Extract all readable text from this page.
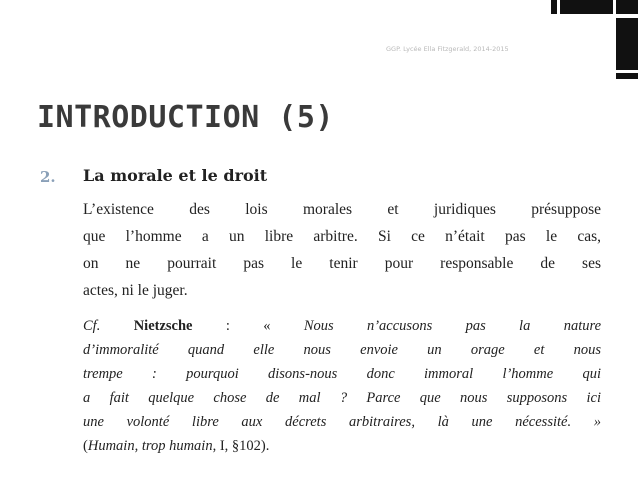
GGP. Lycée Ella Fitzgerald, 2014-2015
INTRODUCTION (5)
2. La morale et le droit
L’existence des lois morales et juridiques présuppose
que l’homme a un libre arbitre. Si ce n’était pas le cas,
on ne pourrait pas le tenir pour responsable de ses
actes, ni le juger.
Cf. Nietzsche : « Nous n’accusons pas la nature
d’immoralité quand elle nous envoie un orage et nous
trempe : pourquoi disons-nous donc immoral l’homme qui
a fait quelque chose de mal ? Parce que nous supposons ici
une volonté libre aux décrets arbitraires, là une nécessité. »
(Humain, trop humain, I, §102).
